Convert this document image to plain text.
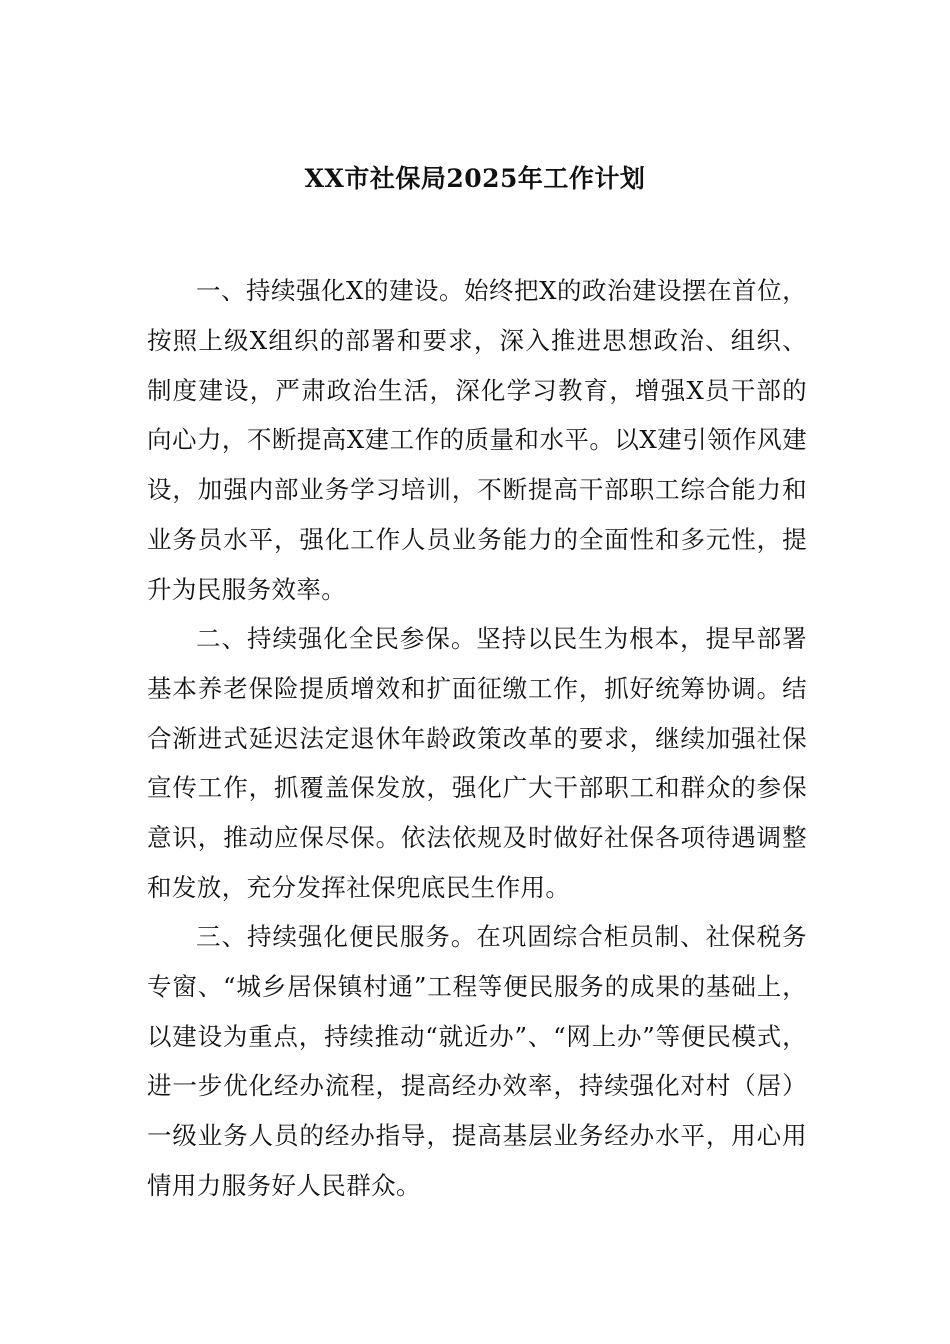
XX市社保局2025年工作计划

一、持续强化X的建设。始终把X的政治建设摆在首位，按照上级X组织的部署和要求，深入推进思想政治、组织、制度建设，严肃政治生活，深化学习教育，增强X员干部的向心力，不断提高X建工作的质量和水平。以X建引领作风建设，加强内部业务学习培训，不断提高干部职工综合能力和业务员水平，强化工作人员业务能力的全面性和多元性，提升为民服务效率。

二、持续强化全民参保。坚持以民生为根本，提早部署基本养老保险提质增效和扩面征缴工作，抓好统筹协调。结合渐进式延迟法定退休年龄政策改革的要求，继续加强社保宣传工作，抓覆盖保发放，强化广大干部职工和群众的参保意识，推动应保尽保。依法依规及时做好社保各项待遇调整和发放，充分发挥社保兜底民生作用。

三、持续强化便民服务。在巩固综合柜员制、社保税务专窗、“城乡居保镇村通”工程等便民服务的成果的基础上，以建设为重点，持续推动“就近办”、“网上办”等便民模式，进一步优化经办流程，提高经办效率，持续强化对村（居）一级业务人员的经办指导，提高基层业务经办水平，用心用情用力服务好人民群众。
